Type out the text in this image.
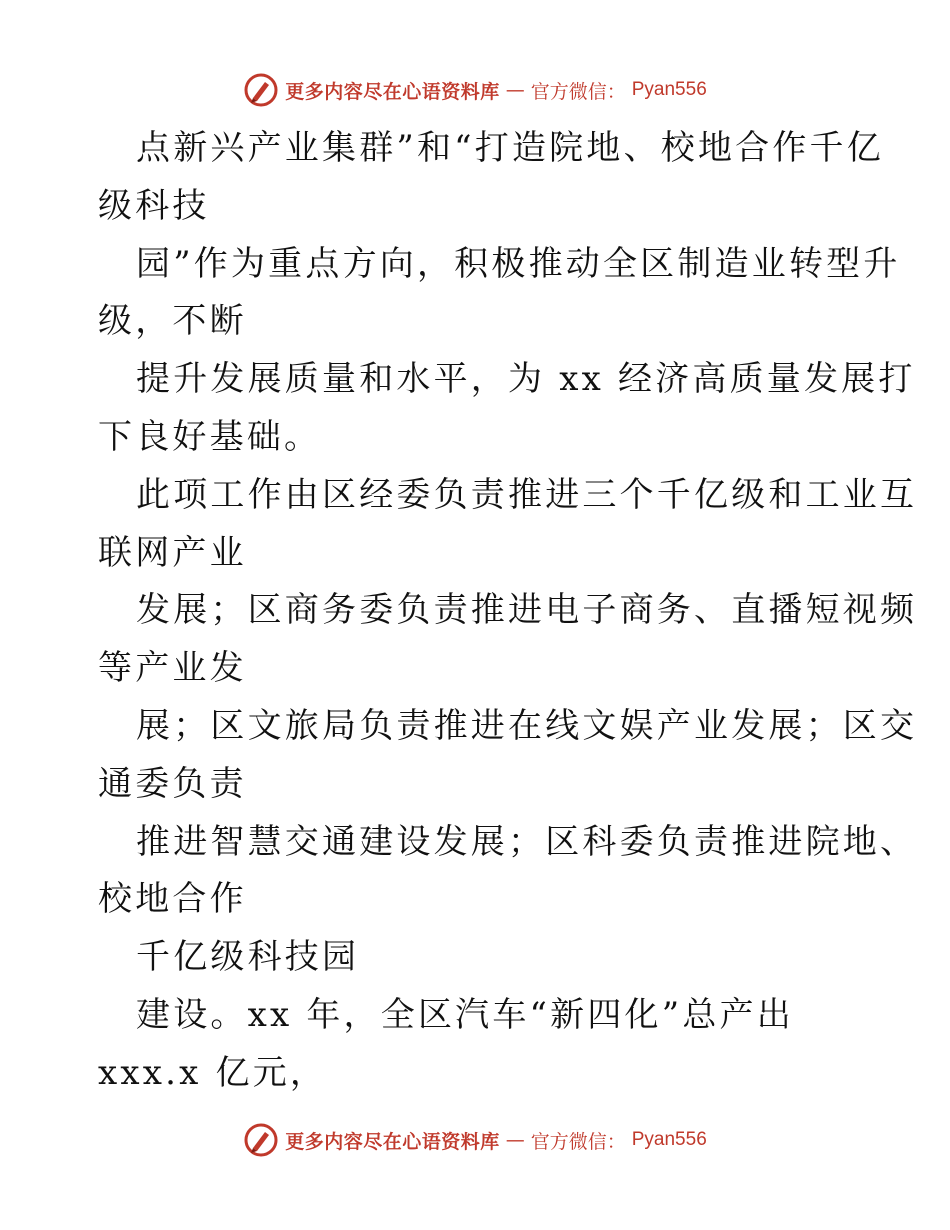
更多内容尽在心语资料库 — 官方微信： Pyan556
点新兴产业集群”和“打造院地、校地合作千亿
级科技
园”作为重点方向，积极推动全区制造业转型升
级，不断
提升发展质量和水平，为 xx 经济高质量发展打
下良好基础。
此项工作由区经委负责推进三个千亿级和工业互
联网产业
发展；区商务委负责推进电子商务、直播短视频
等产业发
展；区文旅局负责推进在线文娱产业发展；区交
通委负责
推进智慧交通建设发展；区科委负责推进院地、
校地合作
千亿级科技园
建设。xx 年，全区汽车“新四化”总产出
xxx.x 亿元，
更多内容尽在心语资料库 — 官方微信： Pyan556
